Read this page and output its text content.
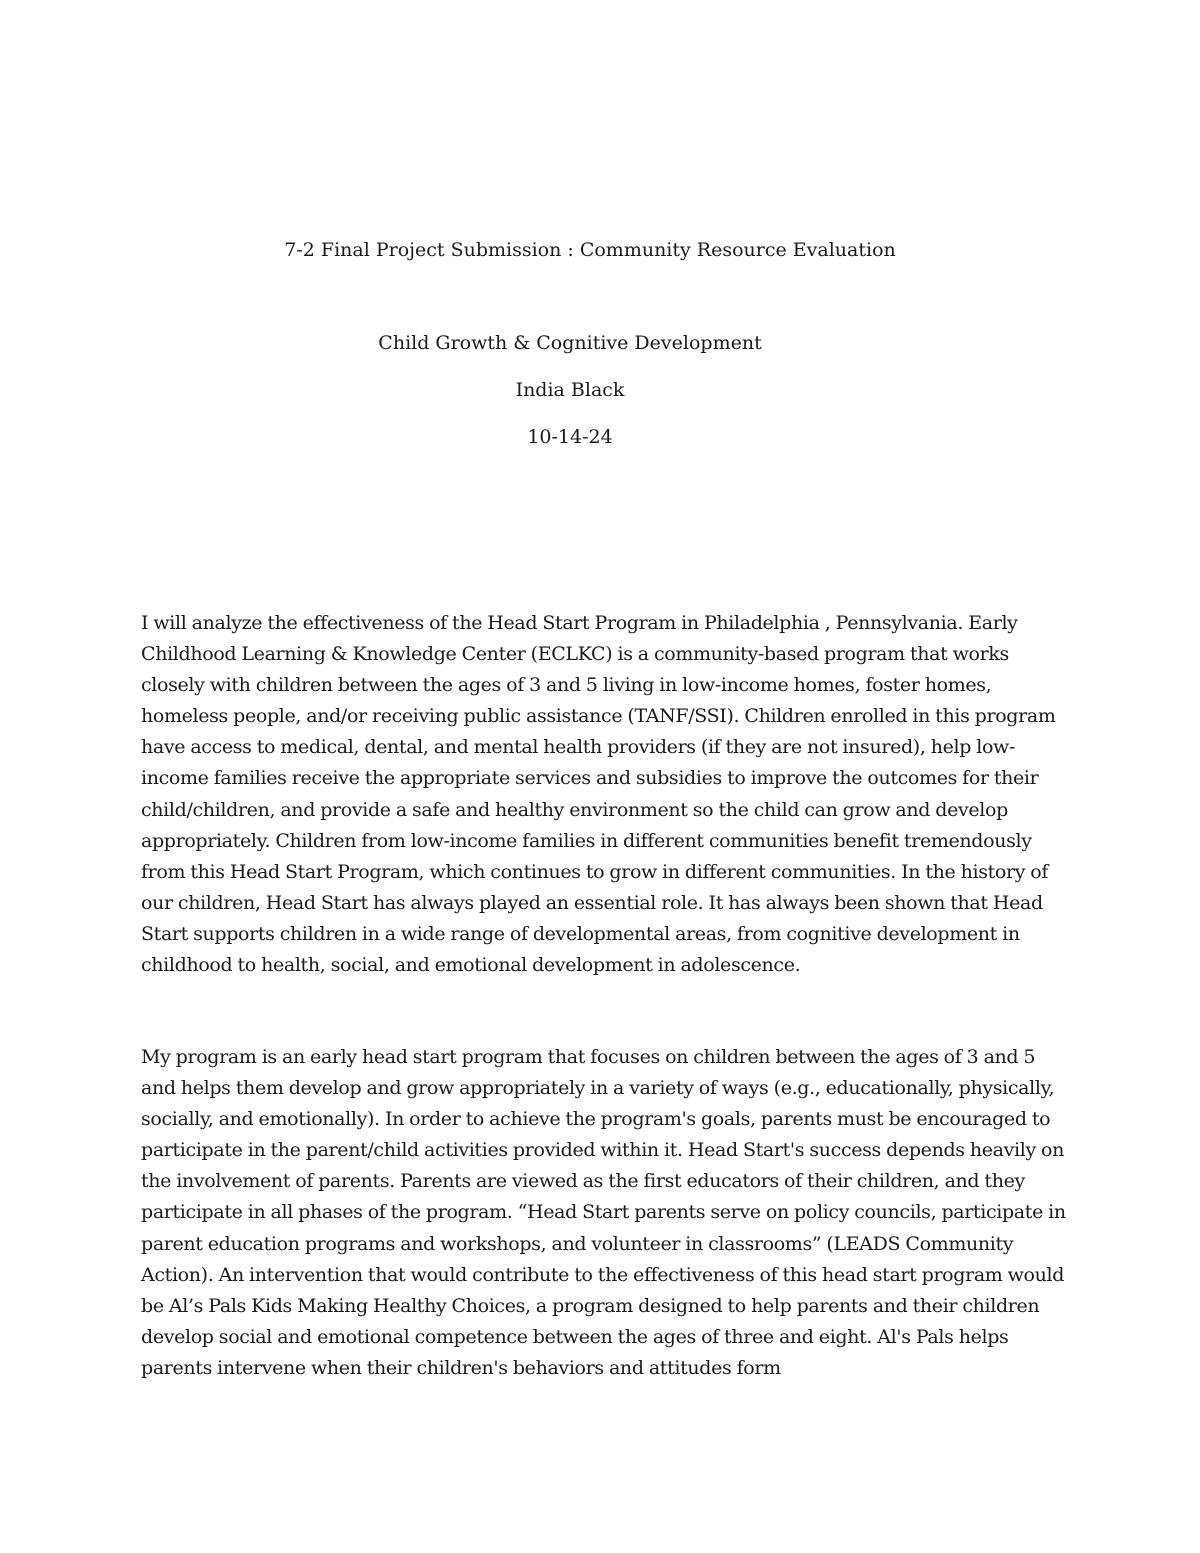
7-2 Final Project Submission : Community Resource Evaluation
Child Growth & Cognitive Development
India Black
10-14-24

I will analyze the effectiveness of the Head Start Program in Philadelphia , Pennsylvania. Early Childhood Learning & Knowledge Center (ECLKC) is a community-based program that works closely with children between the ages of 3 and 5 living in low-income homes, foster homes, homeless people, and/or receiving public assistance (TANF/SSI). Children enrolled in this program have access to medical, dental, and mental health providers (if they are not insured), help low-income families receive the appropriate services and subsidies to improve the outcomes for their child/children, and provide a safe and healthy environment so the child can grow and develop appropriately. Children from low-income families in different communities benefit tremendously from this Head Start Program, which continues to grow in different communities. In the history of our children, Head Start has always played an essential role. It has always been shown that Head Start supports children in a wide range of developmental areas, from cognitive development in childhood to health, social, and emotional development in adolescence.

My program is an early head start program that focuses on children between the ages of 3 and 5 and helps them develop and grow appropriately in a variety of ways (e.g., educationally, physically, socially, and emotionally). In order to achieve the program's goals, parents must be encouraged to participate in the parent/child activities provided within it. Head Start's success depends heavily on the involvement of parents. Parents are viewed as the first educators of their children, and they participate in all phases of the program. “Head Start parents serve on policy councils, participate in parent education programs and workshops, and volunteer in classrooms” (LEADS Community Action). An intervention that would contribute to the effectiveness of this head start program would be Al’s Pals Kids Making Healthy Choices, a program designed to help parents and their children develop social and emotional competence between the ages of three and eight. Al's Pals helps parents intervene when their children's behaviors and attitudes form
